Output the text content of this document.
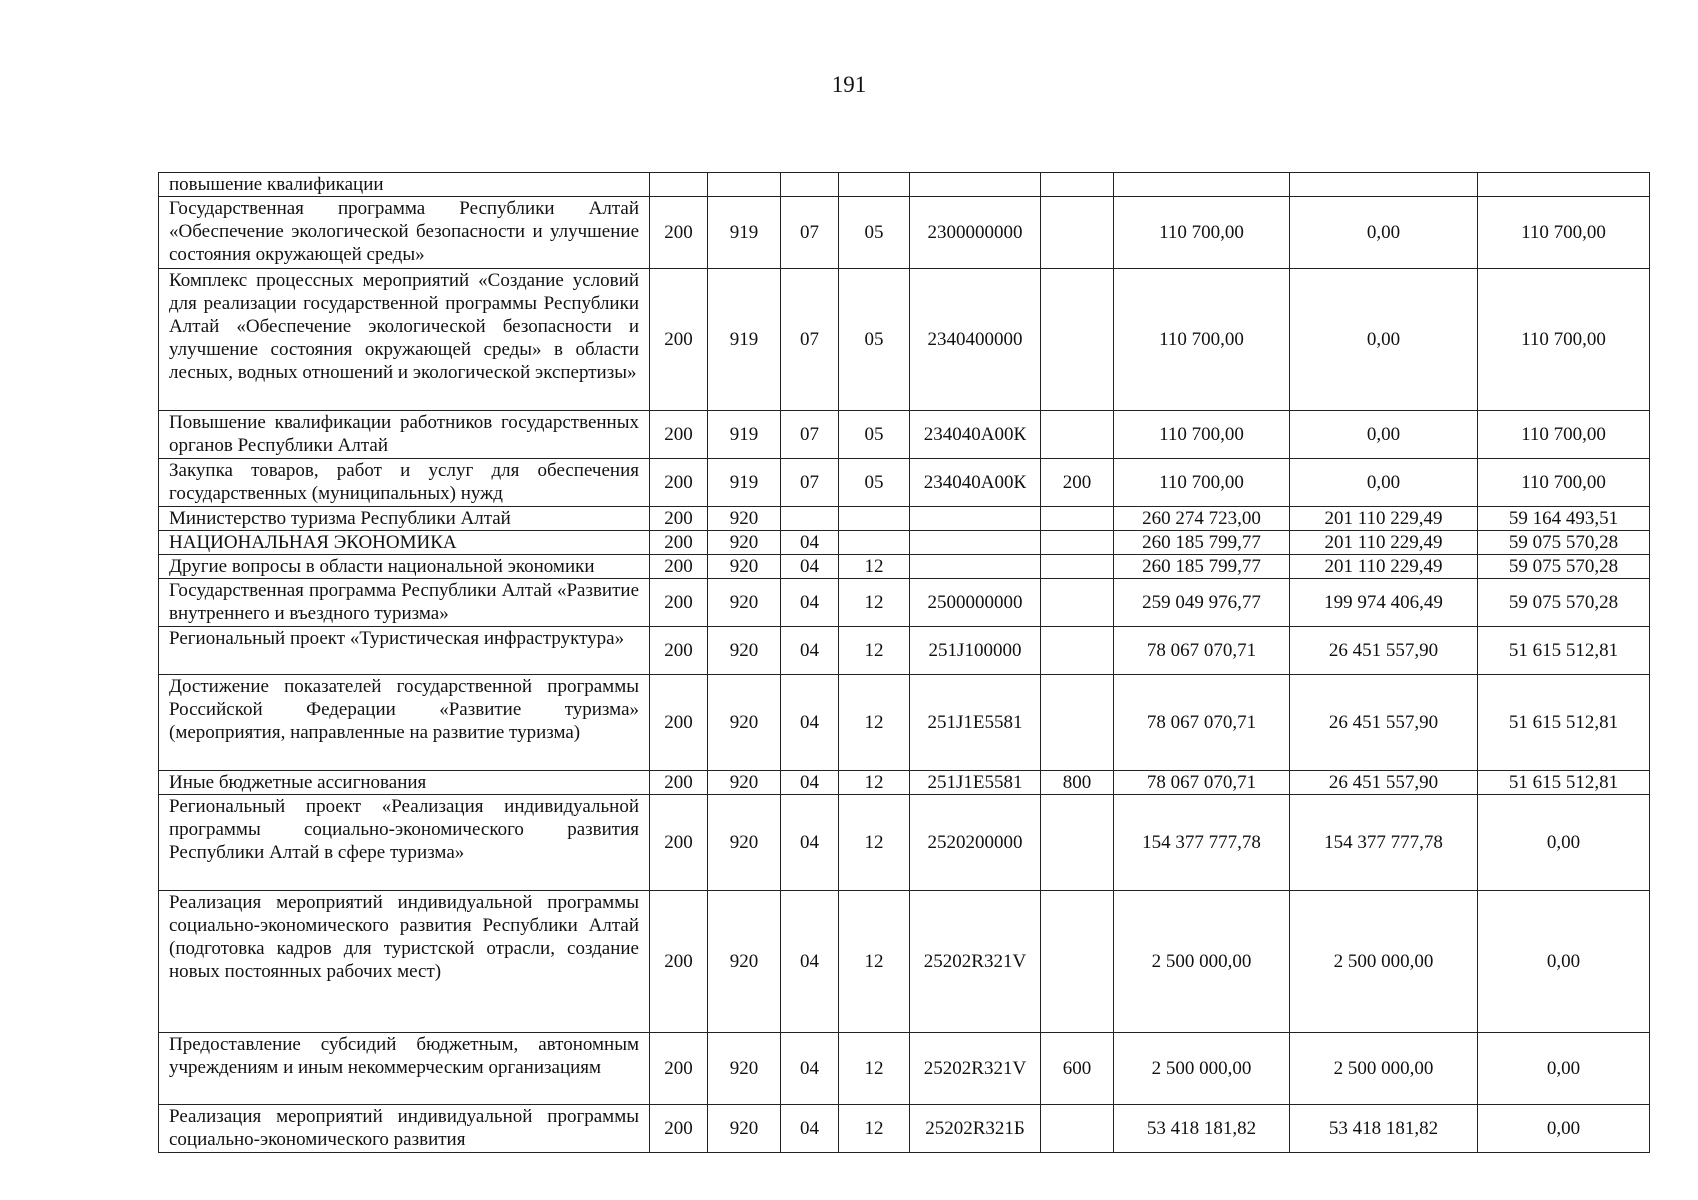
191
повышение квалификации									
Государственная программа Республики Алтай «Обеспечение экологической безопасности и улучшение состояния окружающей среды»	200	919	07	05	2300000000		110 700,00	0,00	110 700,00
Комплекс процессных мероприятий «Создание условий для реализации государственной программы Республики Алтай «Обеспечение экологической безопасности и улучшение состояния окружающей среды» в области лесных, водных отношений и экологической экспертизы»	200	919	07	05	2340400000		110 700,00	0,00	110 700,00
Повышение квалификации работников государственных органов Республики Алтай	200	919	07	05	234040А00К		110 700,00	0,00	110 700,00
Закупка товаров, работ и услуг для обеспечения государственных (муниципальных) нужд	200	919	07	05	234040А00К	200	110 700,00	0,00	110 700,00
Министерство туризма Республики Алтай	200	920					260 274 723,00	201 110 229,49	59 164 493,51
НАЦИОНАЛЬНАЯ ЭКОНОМИКА	200	920	04				260 185 799,77	201 110 229,49	59 075 570,28
Другие вопросы в области национальной экономики	200	920	04	12			260 185 799,77	201 110 229,49	59 075 570,28
Государственная программа Республики Алтай «Развитие внутреннего и въездного туризма»	200	920	04	12	2500000000		259 049 976,77	199 974 406,49	59 075 570,28
Региональный проект «Туристическая инфраструктура»	200	920	04	12	251J100000		78 067 070,71	26 451 557,90	51 615 512,81
Достижение показателей государственной программы Российской Федерации «Развитие туризма» (мероприятия, направленные на развитие туризма)	200	920	04	12	251J1E5581		78 067 070,71	26 451 557,90	51 615 512,81
Иные бюджетные ассигнования	200	920	04	12	251J1E5581	800	78 067 070,71	26 451 557,90	51 615 512,81
Региональный проект «Реализация индивидуальной программы социально-экономического развития Республики Алтай в сфере туризма»	200	920	04	12	2520200000		154 377 777,78	154 377 777,78	0,00
Реализация мероприятий индивидуальной программы социально-экономического развития Республики Алтай (подготовка кадров для туристской отрасли, создание новых постоянных рабочих мест)	200	920	04	12	25202R321V		2 500 000,00	2 500 000,00	0,00
Предоставление субсидий бюджетным, автономным учреждениям и иным некоммерческим организациям	200	920	04	12	25202R321V	600	2 500 000,00	2 500 000,00	0,00
Реализация мероприятий индивидуальной программы социально-экономического развития	200	920	04	12	25202R321Б		53 418 181,82	53 418 181,82	0,00
